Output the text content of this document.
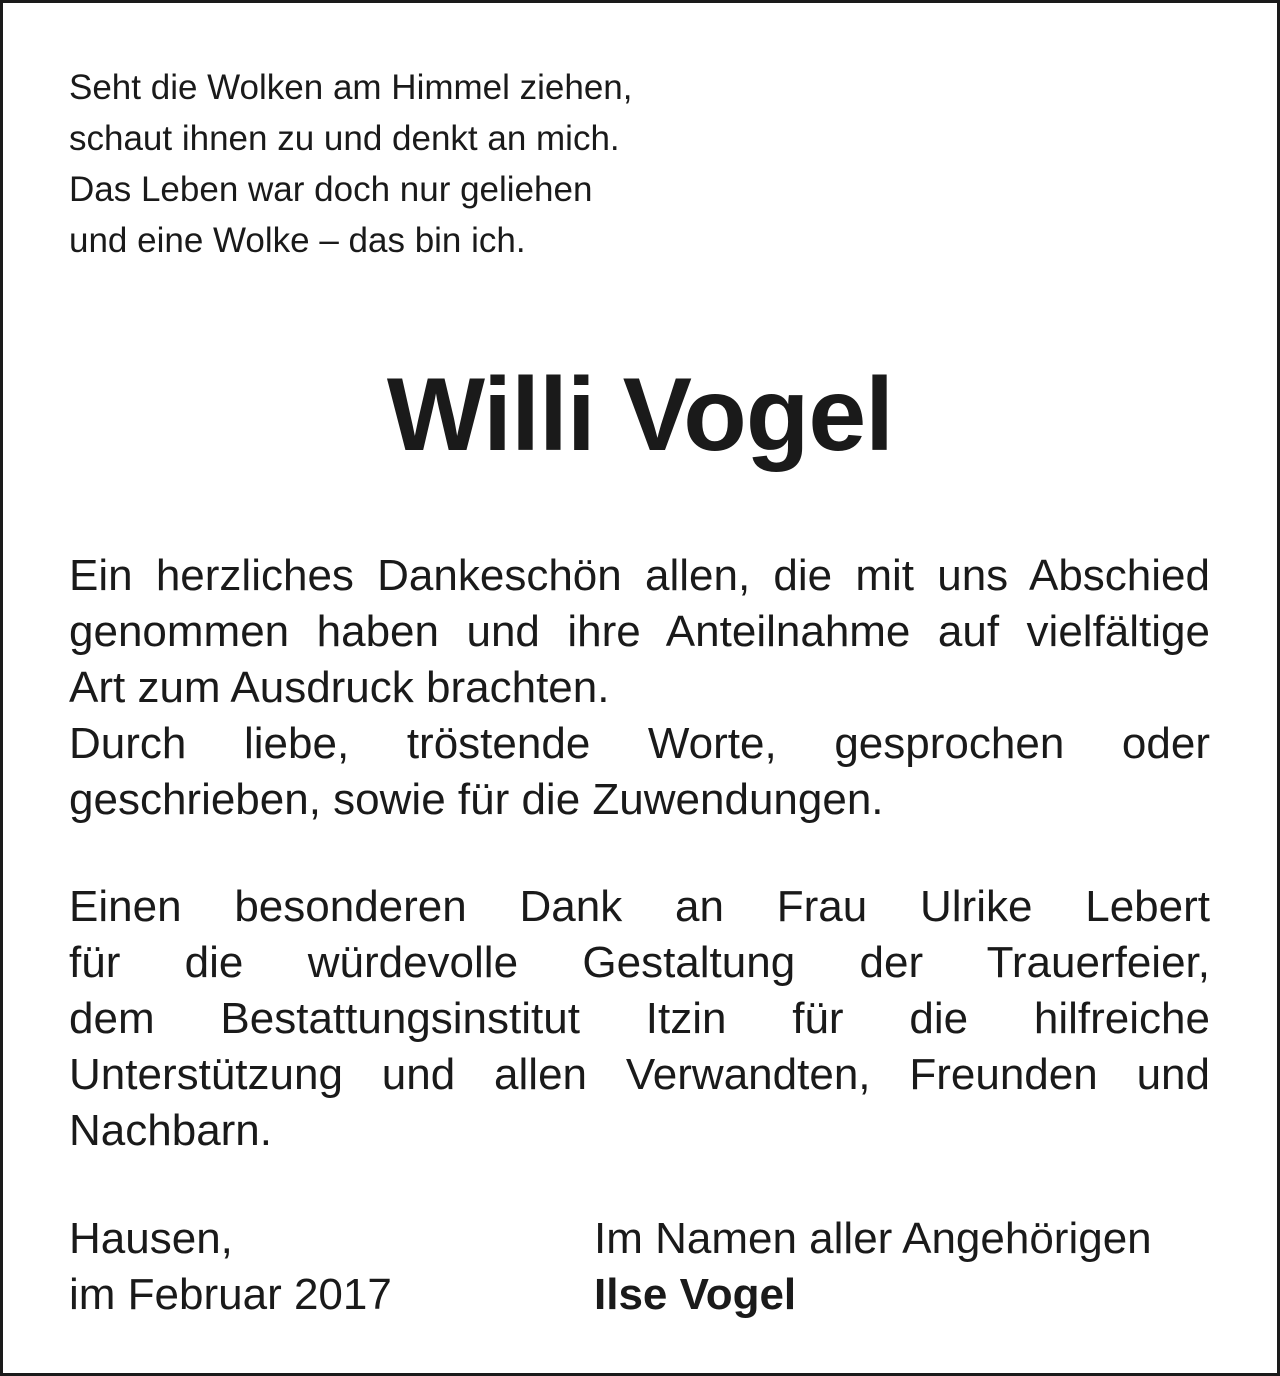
Seht die Wolken am Himmel ziehen,
schaut ihnen zu und denkt an mich.
Das Leben war doch nur geliehen
und eine Wolke – das bin ich.
Willi Vogel
Ein herzliches Dankeschön allen, die mit uns Abschied
genommen haben und ihre Anteilnahme auf vielfältige
Art zum Ausdruck brachten.
Durch liebe, tröstende Worte, gesprochen oder
geschrieben, sowie für die Zuwendungen.
Einen besonderen Dank an Frau Ulrike Lebert
für die würdevolle Gestaltung der Trauerfeier,
dem Bestattungsinstitut Itzin für die hilfreiche
Unterstützung und allen Verwandten, Freunden und
Nachbarn.
Hausen,
im Februar 2017
Im Namen aller Angehörigen
Ilse Vogel
